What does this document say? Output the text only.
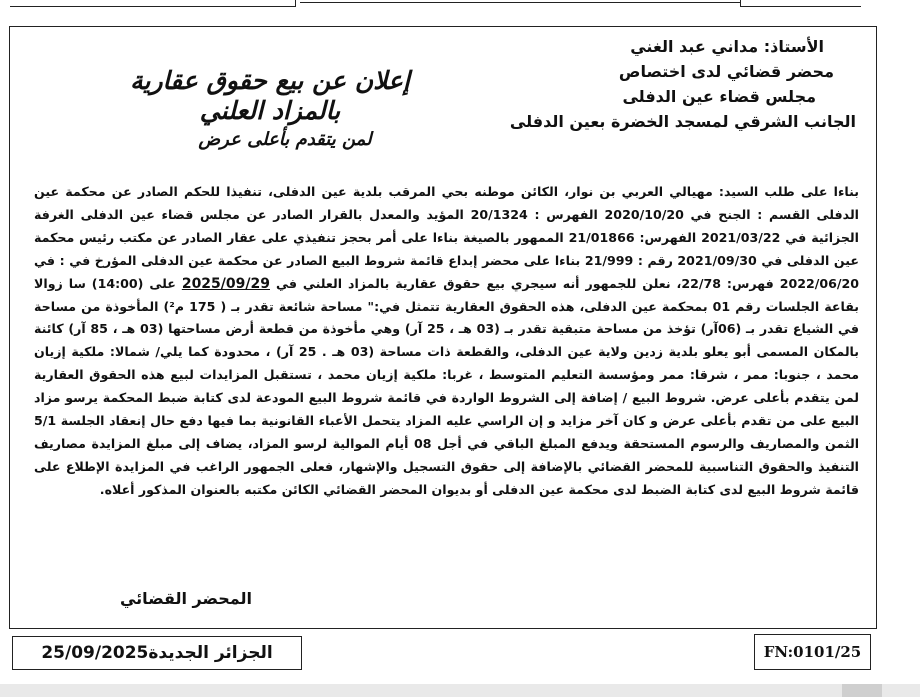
الأستاذ: مداني عبد الغني
محضر قضائي لدى اختصاص
مجلس قضاء عين الدفلى
الجانب الشرقي لمسجد الخضرة بعين الدفلى
إعلان عن بيع حقوق عقارية
بالمزاد العلني
لمن يتقدم بأعلى عرض
بناءا على طلب السيد: مهيالي العربي بن نوار، الكائن موطنه بحي المرقب بلدية عين الدفلى، تنفيذا للحكم الصادر عن محكمة عين الدفلى القسم : الجنح في 2020/10/20 الفهرس : 20/1324 المؤيد والمعدل بالقرار الصادر عن مجلس قضاء عين الدفلى الغرفة الجزائية في 2021/03/22 الفهرس: 21/01866 الممهور بالصيغة بناءا على أمر بحجز تنفيذي على عقار الصادر عن مكتب رئيس محكمة عين الدفلى في 2021/09/30 رقم : 21/999 بناءا على محضر إبداع قائمة شروط البيع الصادر عن محكمة عين الدفلى المؤرخ في : في 2022/06/20 فهرس: 22/78، نعلن للجمهور أنه سيجري بيع حقوق عقارية بالمزاد العلني في 2025/09/29 على (14:00) سا زوالا بقاعة الجلسات رقم 01 بمحكمة عين الدفلى، هذه الحقوق العقارية تتمثل في:" مساحة شائعة تقدر بـ ( 175 م²) المأخوذة من مساحة في الشياع تقدر بـ (06آر) تؤخذ من مساحة متبقية تقدر بـ (03 هـ ، 25 آر) وهي مأخوذة من قطعة أرض مساحتها (03 هـ ، 85 آر) كائنة بالمكان المسمى أبو يعلو بلدية زدين ولاية عين الدفلى، والقطعة ذات مساحة (03 هـ . 25 آر) ، محدودة كما يلي/ شمالا: ملكية إزيان محمد ، جنوبا: ممر ، شرقا: ممر ومؤسسة التعليم المتوسط ، غربا: ملكية إزيان محمد ، تستقبل المزايدات لبيع هذه الحقوق العقارية لمن يتقدم بأعلى عرض. شروط البيع / إضافة إلى الشروط الواردة في قائمة شروط البيع المودعة لدى كتابة ضبط المحكمة يرسو مزاد البيع على من تقدم بأعلى عرض و كان آخر مزايد و إن الراسي عليه المزاد يتحمل الأعباء القانونية بما فيها دفع حال إنعقاد الجلسة 5/1 الثمن والمصاريف والرسوم المستحقة ويدفع المبلغ الباقي في أجل 08 أيام الموالية لرسو المزاد، يضاف إلى مبلغ المزايدة مصاريف التنفيذ والحقوق التناسبية للمحضر القضائي بالإضافة إلى حقوق التسجيل والإشهار، فعلى الجمهور الراغب في المزايدة الإطلاع على قائمة شروط البيع لدى كتابة الضبط لدى محكمة عين الدفلى أو بديوان المحضر القضائي الكائن مكتبه بالعنوان المذكور أعلاه.
المحضر القضائي
الجزائر الجديدة25/09/2025	FN:0101/25
